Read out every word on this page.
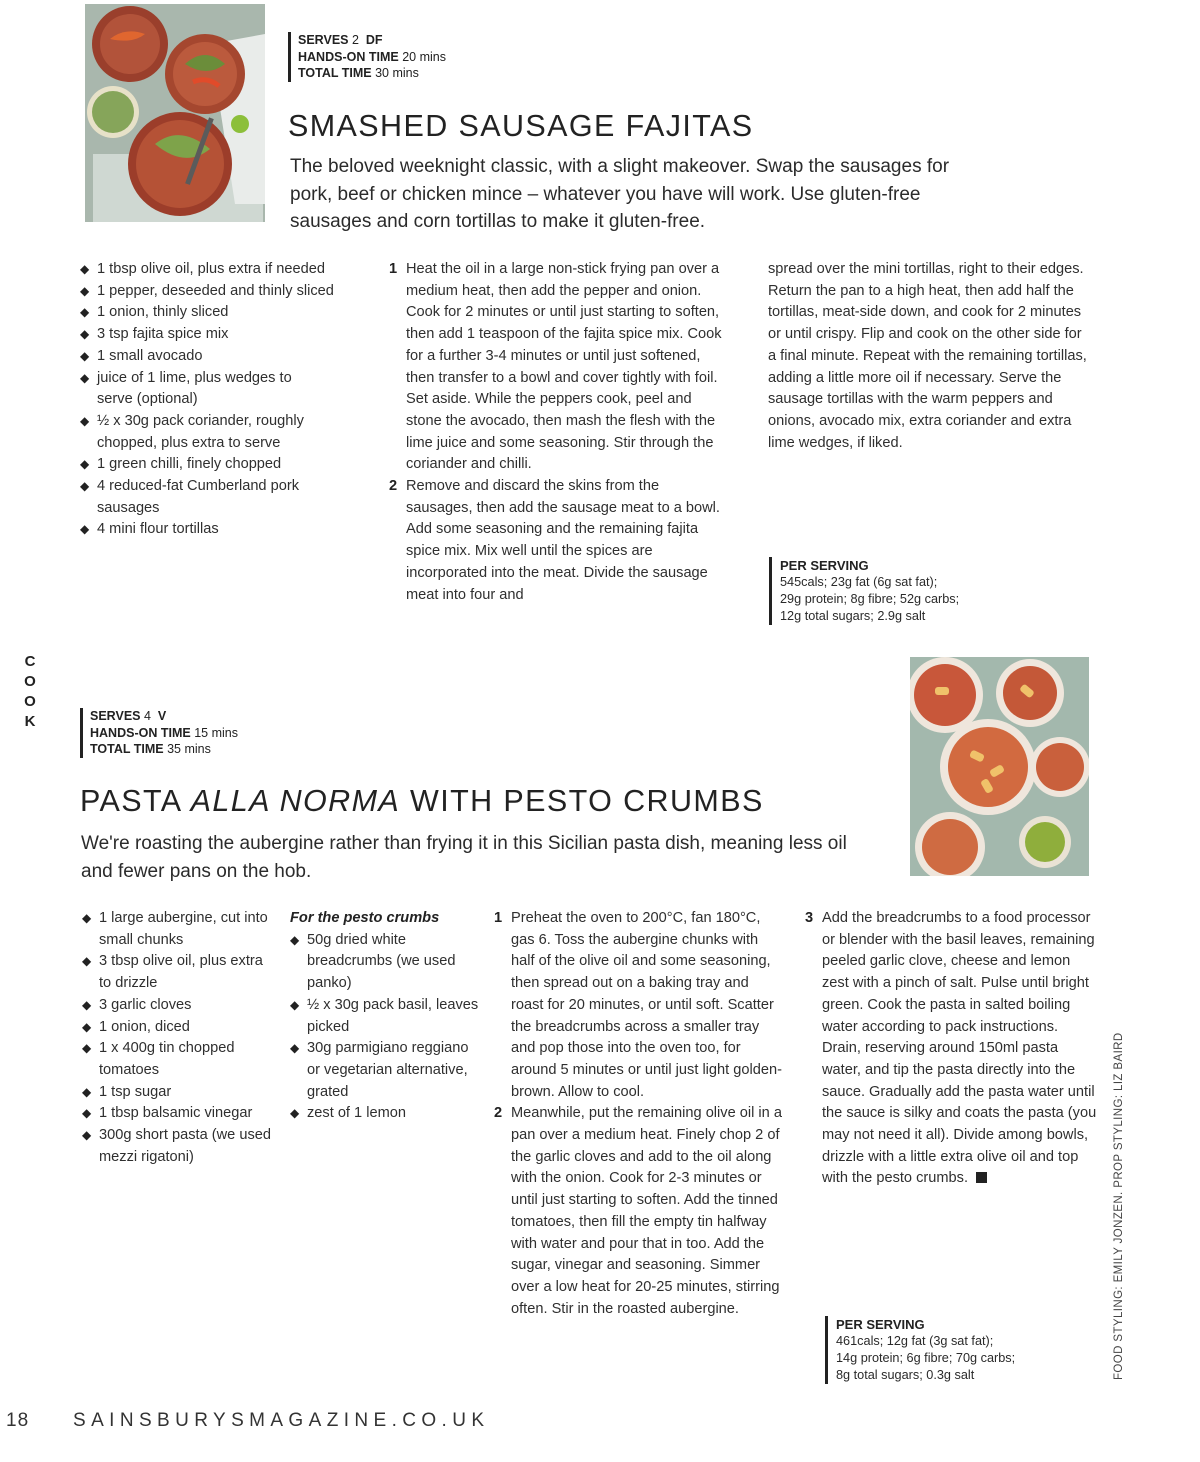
SERVES 2 DF
HANDS-ON TIME 20 mins
TOTAL TIME 30 mins
SMASHED SAUSAGE FAJITAS
The beloved weeknight classic, with a slight makeover. Swap the sausages for pork, beef or chicken mince – whatever you have will work. Use gluten-free sausages and corn tortillas to make it gluten-free.
◆ 1 tbsp olive oil, plus extra if needed
◆ 1 pepper, deseeded and thinly sliced
◆ 1 onion, thinly sliced
◆ 3 tsp fajita spice mix
◆ 1 small avocado
◆ juice of 1 lime, plus wedges to serve (optional)
◆ ½ x 30g pack coriander, roughly chopped, plus extra to serve
◆ 1 green chilli, finely chopped
◆ 4 reduced-fat Cumberland pork sausages
◆ 4 mini flour tortillas
1 Heat the oil in a large non-stick frying pan over a medium heat, then add the pepper and onion. Cook for 2 minutes or until just starting to soften, then add 1 teaspoon of the fajita spice mix. Cook for a further 3-4 minutes or until just softened, then transfer to a bowl and cover tightly with foil. Set aside. While the peppers cook, peel and stone the avocado, then mash the flesh with the lime juice and some seasoning. Stir through the coriander and chilli.
2 Remove and discard the skins from the sausages, then add the sausage meat to a bowl. Add some seasoning and the remaining fajita spice mix. Mix well until the spices are incorporated into the meat. Divide the sausage meat into four and
spread over the mini tortillas, right to their edges. Return the pan to a high heat, then add half the tortillas, meat-side down, and cook for 2 minutes or until crispy. Flip and cook on the other side for a final minute. Repeat with the remaining tortillas, adding a little more oil if necessary. Serve the sausage tortillas with the warm peppers and onions, avocado mix, extra coriander and extra lime wedges, if liked.
PER SERVING
545cals; 23g fat (6g sat fat);
29g protein; 8g fibre; 52g carbs;
12g total sugars; 2.9g salt
C
O
O
K	SERVES 4 V
HANDS-ON TIME 15 mins
TOTAL TIME 35 mins
PASTA ALLA NORMA WITH PESTO CRUMBS
We're roasting the aubergine rather than frying it in this Sicilian pasta dish, meaning less oil and fewer pans on the hob.
◆ 1 large aubergine, cut into small chunks
◆ 3 tbsp olive oil, plus extra to drizzle
◆ 3 garlic cloves
◆ 1 onion, diced
◆ 1 x 400g tin chopped tomatoes
◆ 1 tsp sugar
◆ 1 tbsp balsamic vinegar
◆ 300g short pasta (we used mezzi rigatoni)
For the pesto crumbs
◆ 50g dried white breadcrumbs (we used panko)
◆ ½ x 30g pack basil, leaves picked
◆ 30g parmigiano reggiano or vegetarian alternative, grated
◆ zest of 1 lemon
1 Preheat the oven to 200°C, fan 180°C, gas 6. Toss the aubergine chunks with half of the olive oil and some seasoning, then spread out on a baking tray and roast for 20 minutes, or until soft. Scatter the breadcrumbs across a smaller tray and pop those into the oven too, for around 5 minutes or until just light golden-brown. Allow to cool.
2 Meanwhile, put the remaining olive oil in a pan over a medium heat. Finely chop 2 of the garlic cloves and add to the oil along with the onion. Cook for 2-3 minutes or until just starting to soften. Add the tinned tomatoes, then fill the empty tin halfway with water and pour that in too. Add the sugar, vinegar and seasoning. Simmer over a low heat for 20-25 minutes, stirring often. Stir in the roasted aubergine.
3 Add the breadcrumbs to a food processor or blender with the basil leaves, remaining peeled garlic clove, cheese and lemon zest with a pinch of salt. Pulse until bright green. Cook the pasta in salted boiling water according to pack instructions. Drain, reserving around 150ml pasta water, and tip the pasta directly into the sauce. Gradually add the pasta water until the sauce is silky and coats the pasta (you may not need it all). Divide among bowls, drizzle with a little extra olive oil and top with the pesto crumbs.
PER SERVING
461cals; 12g fat (3g sat fat);
14g protein; 6g fibre; 70g carbs;
8g total sugars; 0.3g salt	FOOD STYLING: EMILY JONZEN. PROP STYLING: LIZ BAIRD
18 SAINSBURYSMAGAZINE.CO.UK
